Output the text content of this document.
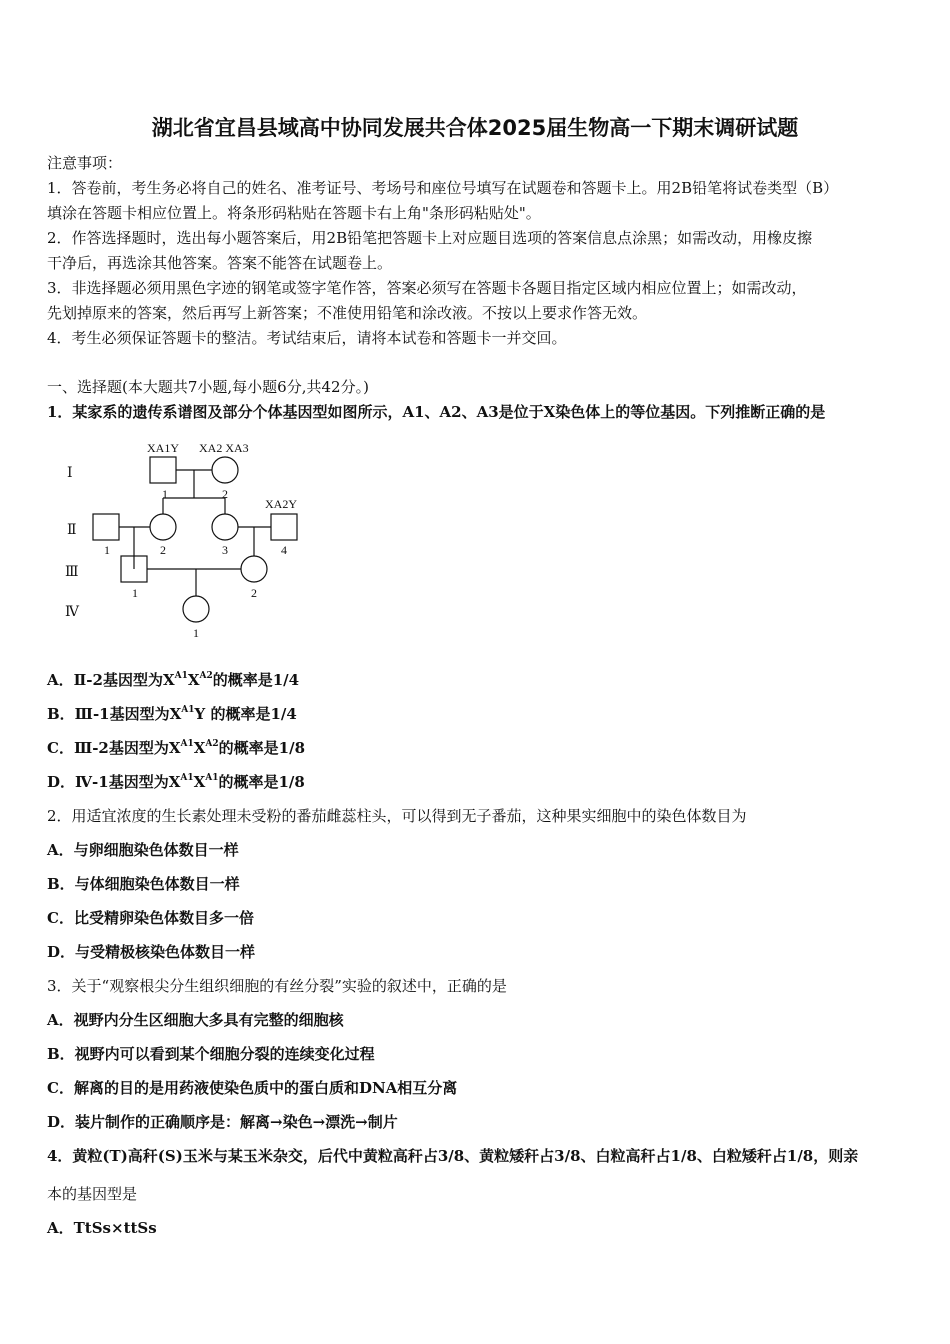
湖北省宜昌县域高中协同发展共合体2025届生物高一下期末调研试题
注意事项：
1．答卷前，考生务必将自己的姓名、准考证号、考场号和座位号填写在试题卷和答题卡上。用2B铅笔将试卷类型（B）
填涂在答题卡相应位置上。将条形码粘贴在答题卡右上角"条形码粘贴处"。
2．作答选择题时，选出每小题答案后，用2B铅笔把答题卡上对应题目选项的答案信息点涂黑；如需改动，用橡皮擦
干净后，再选涂其他答案。答案不能答在试题卷上。
3．非选择题必须用黑色字迹的钢笔或签字笔作答，答案必须写在答题卡各题目指定区域内相应位置上；如需改动，
先划掉原来的答案，然后再写上新答案；不准使用铅笔和涂改液。不按以上要求作答无效。
4．考生必须保证答题卡的整洁。考试结束后，请将本试卷和答题卡一并交回。
一、选择题(本大题共7小题,每小题6分,共42分。)
1．某家系的遗传系谱图及部分个体基因型如图所示，A1、A2、A3是位于X染色体上的等位基因。下列推断正确的是
Ⅰ
Ⅱ
Ⅲ
Ⅳ
XA1Y XA2 XA3
XA2Y
1	2
1	2	3	4
1	2
1
A．Ⅱ-2基因型为$X^{A1}X^{A2}$的概率是1/4
B．Ⅲ-1基因型为$X^{A1}Y$ 的概率是1/4
C．Ⅲ-2基因型为$X^{A1}X^{A2}$的概率是1/8
D．Ⅳ-1基因型为$X^{A1}X^{A1}$的概率是1/8
2．用适宜浓度的生长素处理未受粉的番茄雌蕊柱头，可以得到无子番茄，这种果实细胞中的染色体数目为
A．与卵细胞染色体数目一样
B．与体细胞染色体数目一样
C．比受精卵染色体数目多一倍
D．与受精极核染色体数目一样
3．关于“观察根尖分生组织细胞的有丝分裂”实验的叙述中，正确的是
A．视野内分生区细胞大多具有完整的细胞核
B．视野内可以看到某个细胞分裂的连续变化过程
C．解离的目的是用药液使染色质中的蛋白质和DNA相互分离
D．装片制作的正确顺序是：解离→染色→漂洗→制片
4．黄粒(T)高秆(S)玉米与某玉米杂交，后代中黄粒高秆占3/8、黄粒矮秆占3/8、白粒高秆占1/8、白粒矮秆占1/8，则亲
本的基因型是
A．TtSs×ttSs
